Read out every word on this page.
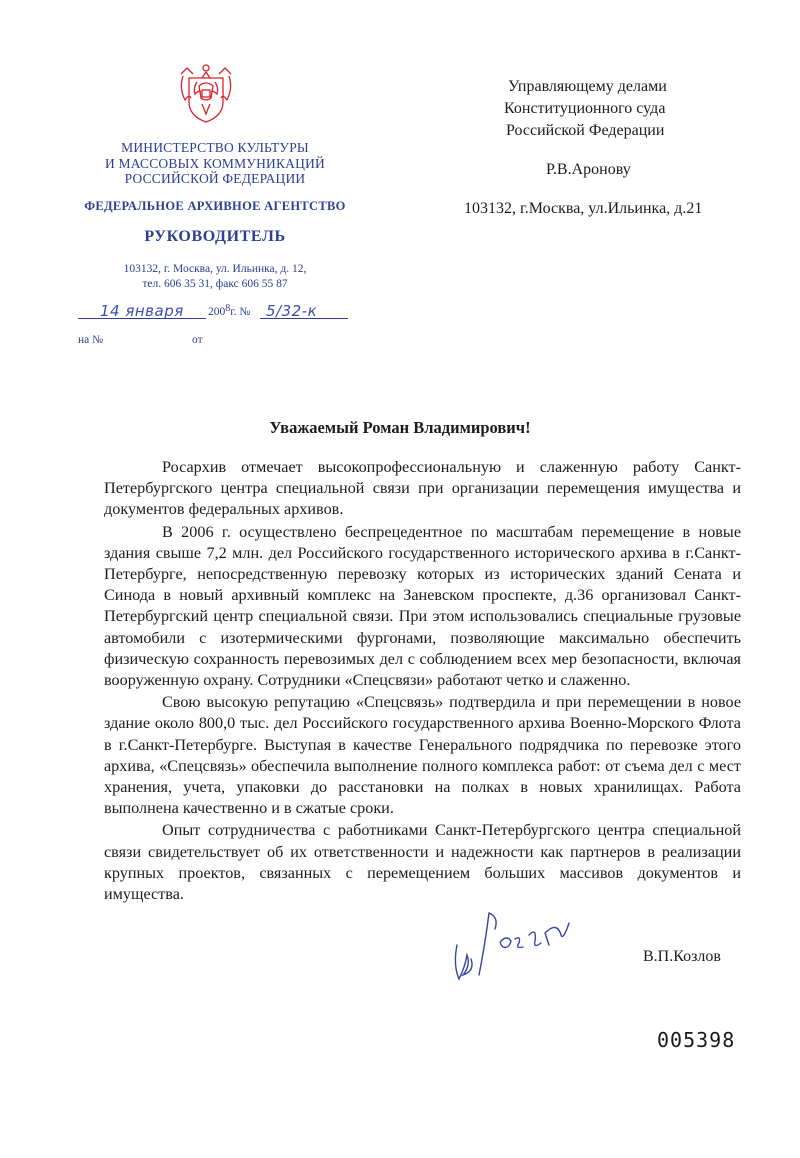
МИНИСТЕРСТВО КУЛЬТУРЫ
И МАССОВЫХ КОММУНИКАЦИЙ
РОССИЙСКОЙ ФЕДЕРАЦИИ
ФЕДЕРАЛЬНОЕ АРХИВНОЕ АГЕНТСТВО
РУКОВОДИТЕЛЬ
103132, г. Москва, ул. Ильинка, д. 12,
тел. 606 35 31, факс 606 55 87
14 января 2008г. № 5/32-к
на №	от
Управляющему делами
Конституционного суда
Российской Федерации
Р.В.Аронову
103132, г.Москва, ул.Ильинка, д.21
Уважаемый Роман Владимирович!

Росархив отмечает высокопрофессиональную и слаженную работу Санкт-Петербургского центра специальной связи при организации перемещения имущества и документов федеральных архивов.

В 2006 г. осуществлено беспрецедентное по масштабам перемещение в новые здания свыше 7,2 млн. дел Российского государственного исторического архива в г.Санкт-Петербурге, непосредственную перевозку которых из исторических зданий Сената и Синода в новый архивный комплекс на Заневском проспекте, д.36 организовал Санкт-Петербургский центр специальной связи. При этом использовались специальные грузовые автомобили с изотермическими фургонами, позволяющие максимально обеспечить физическую сохранность перевозимых дел с соблюдением всех мер безопасности, включая вооруженную охрану. Сотрудники «Спецсвязи» работают четко и слаженно.

Свою высокую репутацию «Спецсвязь» подтвердила и при перемещении в новое здание около 800,0 тыс. дел Российского государственного архива Военно-Морского Флота в г.Санкт-Петербурге. Выступая в качестве Генерального подрядчика по перевозке этого архива, «Спецсвязь» обеспечила выполнение полного комплекса работ: от съема дел с мест хранения, учета, упаковки до расстановки на полках в новых хранилищах. Работа выполнена качественно и в сжатые сроки.

Опыт сотрудничества с работниками Санкт-Петербургского центра специальной связи свидетельствует об их ответственности и надежности как партнеров в реализации крупных проектов, связанных с перемещением больших массивов документов и имущества.

В.П.Козлов
005398
